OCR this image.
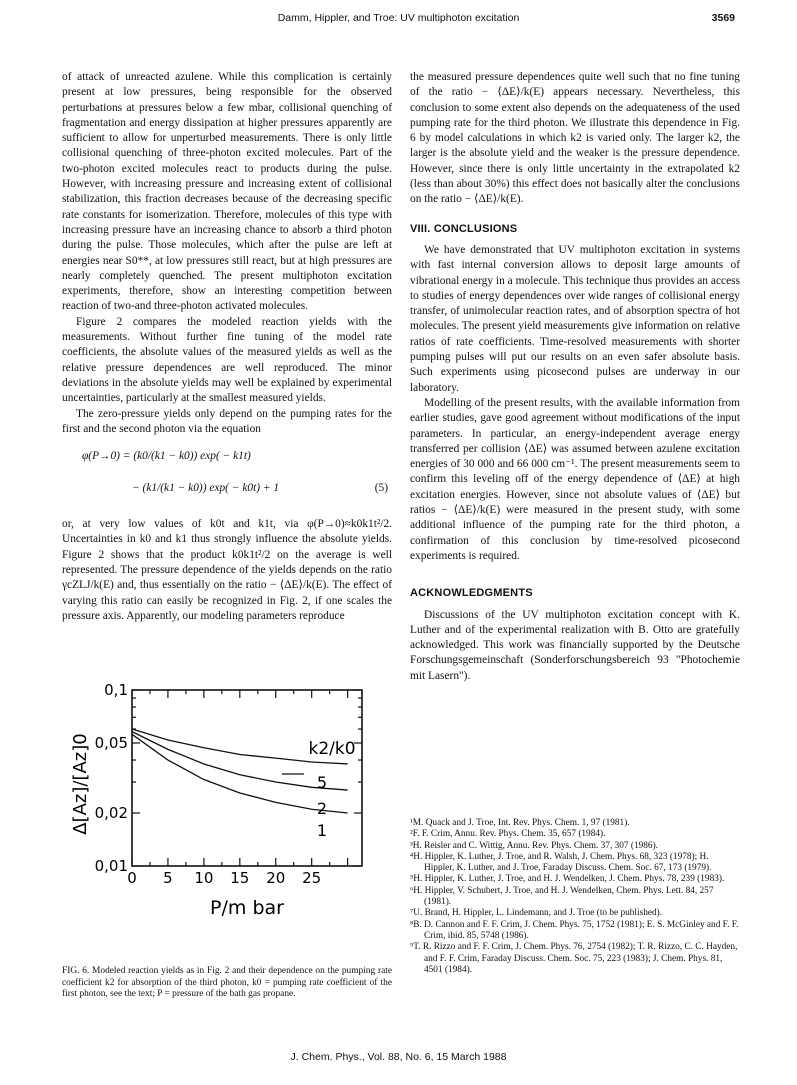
Damm, Hippler, and Troe: UV multiphoton excitation	3569

of attack of unreacted azulene. While this complication is certainly present at low pressures, being responsible for the observed perturbations at pressures below a few mbar, collisional quenching of fragmentation and energy dissipation at higher pressures apparently are sufficient to allow for unperturbed measurements. There is only little collisional quenching of three-photon excited molecules. Part of the two-photon excited molecules react to products during the pulse. However, with increasing pressure and increasing extent of collisional stabilization, this fraction decreases because of the decreasing specific rate constants for isomerization. Therefore, molecules of this type with increasing pressure have an increasing chance to absorb a third photon during the pulse. Those molecules, which after the pulse are left at energies near S0**, at low pressures still react, but at high pressures are nearly completely quenched. The present multiphoton excitation experiments, therefore, show an interesting competition between reaction of two-and three-photon activated molecules.

Figure 2 compares the modeled reaction yields with the measurements. Without further fine tuning of the model rate coefficients, the absolute values of the measured yields as well as the relative pressure dependences are well reproduced. The minor deviations in the absolute yields may well be explained by experimental uncertainties, particularly at the smallest measured yields.

The zero-pressure yields only depend on the pumping rates for the first and the second photon via the equation

φ(P→0) = (k0/(k1 − k0)) exp( − k1t)
− (k1/(k1 − k0)) exp( − k0t) + 1	(5)

or, at very low values of k0t and k1t, via φ(P→0)≈k0k1t²/2. Uncertainties in k0 and k1 thus strongly influence the absolute yields. Figure 2 shows that the product k0k1t²/2 on the average is well represented. The pressure dependence of the yields depends on the ratio γcZLJ/k(E) and, thus essentially on the ratio − ⟨ΔE⟩/k(E). The effect of varying this ratio can easily be recognized in Fig. 2, if one scales the pressure axis. Apparently, our modeling parameters reproduce

0 5 10 15 20 25
0,01
0,02
0,05
0,1
k2/k0
5
2
1
P/m bar
Δ[Az]/[Az]0
FIG. 6. Modeled reaction yields as in Fig. 2 and their dependence on the pumping rate coefficient k2 for absorption of the third photon, k0 = pumping rate coefficient of the first photon, see the text; P = pressure of the bath gas propane.

the measured pressure dependences quite well such that no fine tuning of the ratio − ⟨ΔE⟩/k(E) appears necessary. Nevertheless, this conclusion to some extent also depends on the adequateness of the used pumping rate for the third photon. We illustrate this dependence in Fig. 6 by model calculations in which k2 is varied only. The larger k2, the larger is the absolute yield and the weaker is the pressure dependence. However, since there is only little uncertainty in the extrapolated k2 (less than about 30%) this effect does not basically alter the conclusions on the ratio − ⟨ΔE⟩/k(E).

VIII. CONCLUSIONS

We have demonstrated that UV multiphoton excitation in systems with fast internal conversion allows to deposit large amounts of vibrational energy in a molecule. This technique thus provides an access to studies of energy dependences over wide ranges of collisional energy transfer, of unimolecular reaction rates, and of absorption spectra of hot molecules. The present yield measurements give information on relative ratios of rate coefficients. Time-resolved measurements with shorter pumping pulses will put our results on an even safer absolute basis. Such experiments using picosecond pulses are underway in our laboratory.

Modelling of the present results, with the available information from earlier studies, gave good agreement without modifications of the input parameters. In particular, an energy-independent average energy transferred per collision ⟨ΔE⟩ was assumed between azulene excitation energies of 30 000 and 66 000 cm⁻¹. The present measurements seem to confirm this leveling off of the energy dependence of ⟨ΔE⟩ at high excitation energies. However, since not absolute values of ⟨ΔE⟩ but ratios − ⟨ΔE⟩/k(E) were measured in the present study, with some additional influence of the pumping rate for the third photon, a confirmation of this conclusion by time-resolved picosecond experiments is required.

ACKNOWLEDGMENTS

Discussions of the UV multiphoton excitation concept with K. Luther and of the experimental realization with B. Otto are gratefully acknowledged. This work was financially supported by the Deutsche Forschungsgemeinschaft (Sonderforschungsbereich 93 "Photochemie mit Lasern").

¹M. Quack and J. Troe, Int. Rev. Phys. Chem. 1, 97 (1981).
²F. F. Crim, Annu. Rev. Phys. Chem. 35, 657 (1984).
³H. Reisler and C. Wittig, Annu. Rev. Phys. Chem. 37, 307 (1986).
⁴H. Hippler, K. Luther, J. Troe, and R. Walsh, J. Chem. Phys. 68, 323 (1978); H. Hippler, K. Luther, and J. Troe, Faraday Discuss. Chem. Soc. 67, 173 (1979).
⁵H. Hippler, K. Luther, J. Troe, and H. J. Wendelken, J. Chem. Phys. 78, 239 (1983).
⁶H. Hippler, V. Schubert, J. Troe, and H. J. Wendelken, Chem. Phys. Lett. 84, 257 (1981).
⁷U. Brand, H. Hippler, L. Lindemann, and J. Troe (to be published).
⁸B. D. Cannon and F. F. Crim, J. Chem. Phys. 75, 1752 (1981); E. S. McGinley and F. F. Crim, ibid. 85, 5748 (1986).
⁹T. R. Rizzo and F. F. Crim, J. Chem. Phys. 76, 2754 (1982); T. R. Rizzo, C. C. Hayden, and F. F. Crim, Faraday Discuss. Chem. Soc. 75, 223 (1983); J. Chem. Phys. 81, 4501 (1984).
J. Chem. Phys., Vol. 88, No. 6, 15 March 1988
